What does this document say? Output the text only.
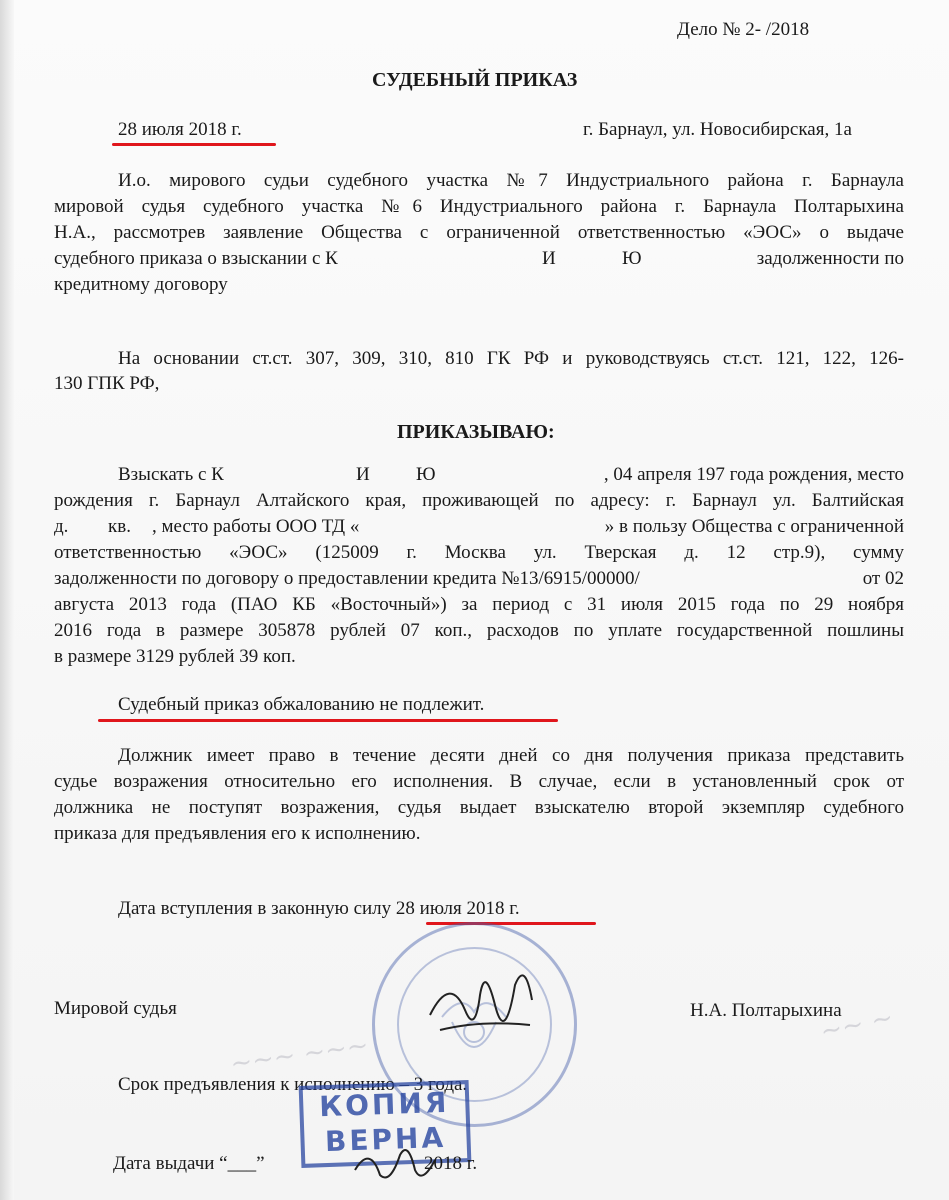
~~~ ~~~
~~ ~
Дело № 2- /2018
СУДЕБНЫЙ ПРИКАЗ
28 июля 2018 г.	г. Барнаул, ул. Новосибирская, 1а
И.о. мирового судьи судебного участка №7 Индустриального района г. Барнаула
мировой судья судебного участка №6 Индустриального района г. Барнаула Полтарыхина
Н.А., рассмотрев заявление Общества с ограниченной ответственностью «ЭОС» о выдаче
судебного приказа о взыскании с К	И	Ю	задолженности по
кредитному договору
На основании ст.ст. 307, 309, 310, 810 ГК РФ и руководствуясь ст.ст. 121, 122, 126-
130 ГПК РФ,
ПРИКАЗЫВАЮ:
Взыскать с К	И Ю	, 04 апреля 197 года рождения, место
рождения г. Барнаул Алтайского края, проживающей по адресу: г. Барнаул ул. Балтийская
д. кв. , место работы ООО ТД «	» в пользу Общества с ограниченной
ответственностью «ЭОС» (125009 г. Москва ул. Тверская д. 12 стр.9), сумму
задолженности по договору о предоставлении кредита №13/6915/00000/	от 02
августа 2013 года (ПАО КБ «Восточный») за период с 31 июля 2015 года по 29 ноября
2016 года в размере 305878 рублей 07 коп., расходов по уплате государственной пошлины
в размере 3129 рублей 39 коп.
Судебный приказ обжалованию не подлежит.
Должник имеет право в течение десяти дней со дня получения приказа представить
судье возражения относительно его исполнения. В случае, если в установленный срок от
должника не поступят возражения, судья выдает взыскателю второй экземпляр судебного
приказа для предъявления его к исполнению.
Дата вступления в законную силу 28 июля 2018 г.
Мировой судья	Н.А. Полтарыхина
Срок предъявления к исполнению – 3 года.
КОПИЯ
ВЕРНА
Дата выдачи “___”	2018 г.
